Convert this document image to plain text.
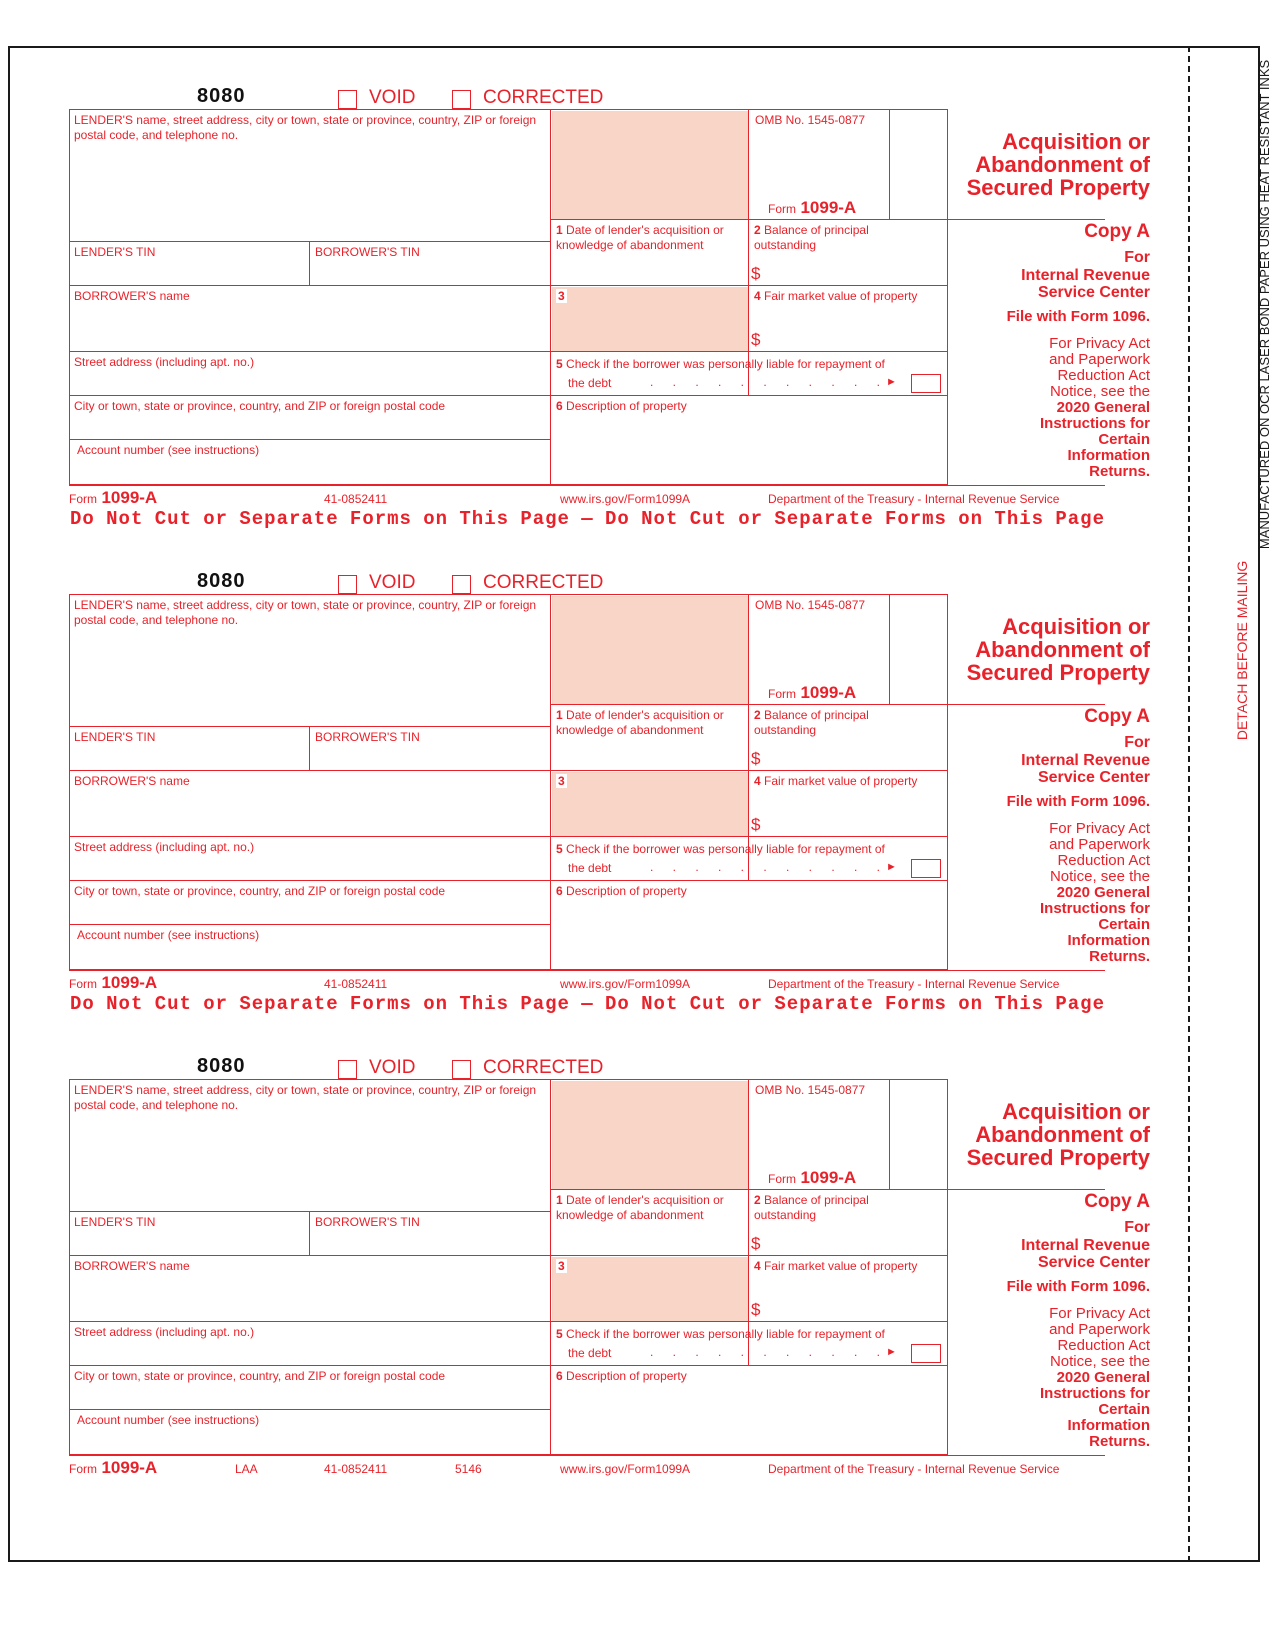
DETACH BEFORE MAILING MANUFACTURED ON OCR LASER BOND PAPER USING HEAT RESISTANT INKS
8080	VOID	CORRECTED
LENDER'S name, street address, city or town, state or province, country, ZIP or foreign postal code, and telephone no.
LENDER'S TIN	BORROWER'S TIN
BORROWER'S name
Street address (including apt. no.)
City or town, state or province, country, and ZIP or foreign postal code
Account number (see instructions)
OMB No. 1545-0877
Form 1099-A
1 Date of lender's acquisition or knowledge of abandonment
2 Balance of principal outstanding
$
3	4 Fair market value of property
$
5 Check if the borrower was personally liable for repayment of
the debt	. . . . . . . . . . .
►
6 Description of property
Acquisition or
Abandonment of
Secured Property
Copy A
For
Internal Revenue
Service Center
File with Form 1096.
For Privacy Act
and Paperwork
Reduction Act
Notice, see the
2020 General
Instructions for
Certain
Information
Returns.
Form 1099-A	41-0852411	www.irs.gov/Form1099A	Department of the Treasury - Internal Revenue Service
Do Not Cut or Separate Forms on This Page — Do Not Cut or Separate Forms on This Page
8080	VOID	CORRECTED
LENDER'S name, street address, city or town, state or province, country, ZIP or foreign postal code, and telephone no.
LENDER'S TIN	BORROWER'S TIN
BORROWER'S name
Street address (including apt. no.)
City or town, state or province, country, and ZIP or foreign postal code
Account number (see instructions)
OMB No. 1545-0877
Form 1099-A
1 Date of lender's acquisition or knowledge of abandonment
2 Balance of principal outstanding
$
3	4 Fair market value of property
$
5 Check if the borrower was personally liable for repayment of
the debt	. . . . . . . . . . .
►
6 Description of property
Acquisition or
Abandonment of
Secured Property
Copy A
For
Internal Revenue
Service Center
File with Form 1096.
For Privacy Act
and Paperwork
Reduction Act
Notice, see the
2020 General
Instructions for
Certain
Information
Returns.
Form 1099-A	41-0852411	www.irs.gov/Form1099A	Department of the Treasury - Internal Revenue Service
Do Not Cut or Separate Forms on This Page — Do Not Cut or Separate Forms on This Page
8080	VOID	CORRECTED
LENDER'S name, street address, city or town, state or province, country, ZIP or foreign postal code, and telephone no.
LENDER'S TIN	BORROWER'S TIN
BORROWER'S name
Street address (including apt. no.)
City or town, state or province, country, and ZIP or foreign postal code
Account number (see instructions)
OMB No. 1545-0877
Form 1099-A
1 Date of lender's acquisition or knowledge of abandonment
2 Balance of principal outstanding
$
3	4 Fair market value of property
$
5 Check if the borrower was personally liable for repayment of
the debt	. . . . . . . . . . .
►
6 Description of property
Acquisition or
Abandonment of
Secured Property
Copy A
For
Internal Revenue
Service Center
File with Form 1096.
For Privacy Act
and Paperwork
Reduction Act
Notice, see the
2020 General
Instructions for
Certain
Information
Returns.
Form 1099-A	LAA	41-0852411	5146	www.irs.gov/Form1099A	Department of the Treasury - Internal Revenue Service
